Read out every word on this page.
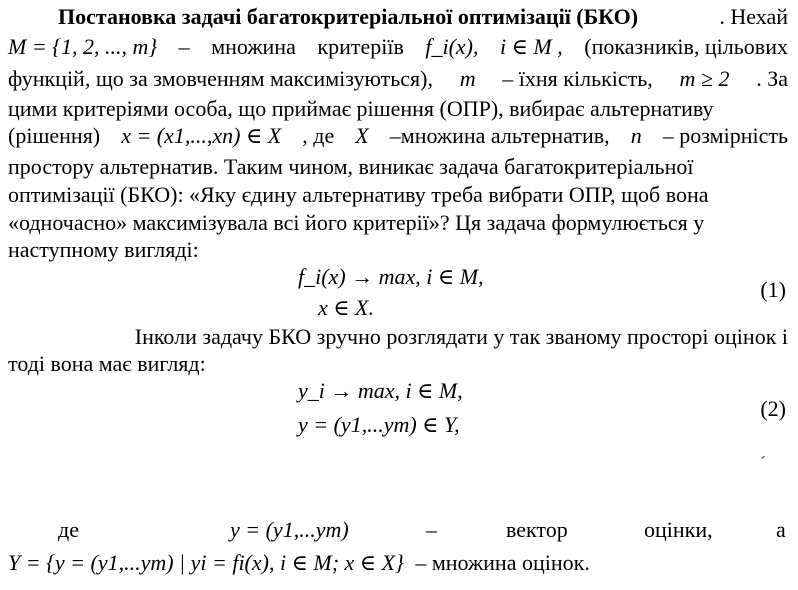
Постановка задачі багатокритеріальної оптимізації (БКО)	. Нехай
M = {1, 2, ..., m} – множина критеріїв f_i(x), i ∈ M , (показників, цільових
функцій, що за змовченням максимізуються), m – їхня кількість, m ≥ 2 . За
цими критеріями особа, що приймає рішення (ОПР), вибирає альтернативу
(рішення) x = (x1,...,xn) ∈ X , де X –множина альтернатив, n – розмірність
простору альтернатив. Таким чином, виникає задача багатокритеріальної
оптимізації (БКО): «Яку єдину альтернативу треба вибрати ОПР, щоб вона
«одночасно» максимізувала всі його критерії»? Ця задача формулюється у
наступному вигляді:
f_i(x) → max, i ∈ M,
x ∈ X.
(1)
Інколи задачу БКО зручно розглядати у так званому просторі оцінок і
тоді вона має вигляд:
y_i → max, i ∈ M,
y = (y1,...ym) ∈ Y,
(2)
ˊ
де	y = (y1,...ym)	–	вектор	оцінки,	а
Y = {y = (y1,...ym) | yi = fi(x), i ∈ M; x ∈ X} – множина оцінок.
